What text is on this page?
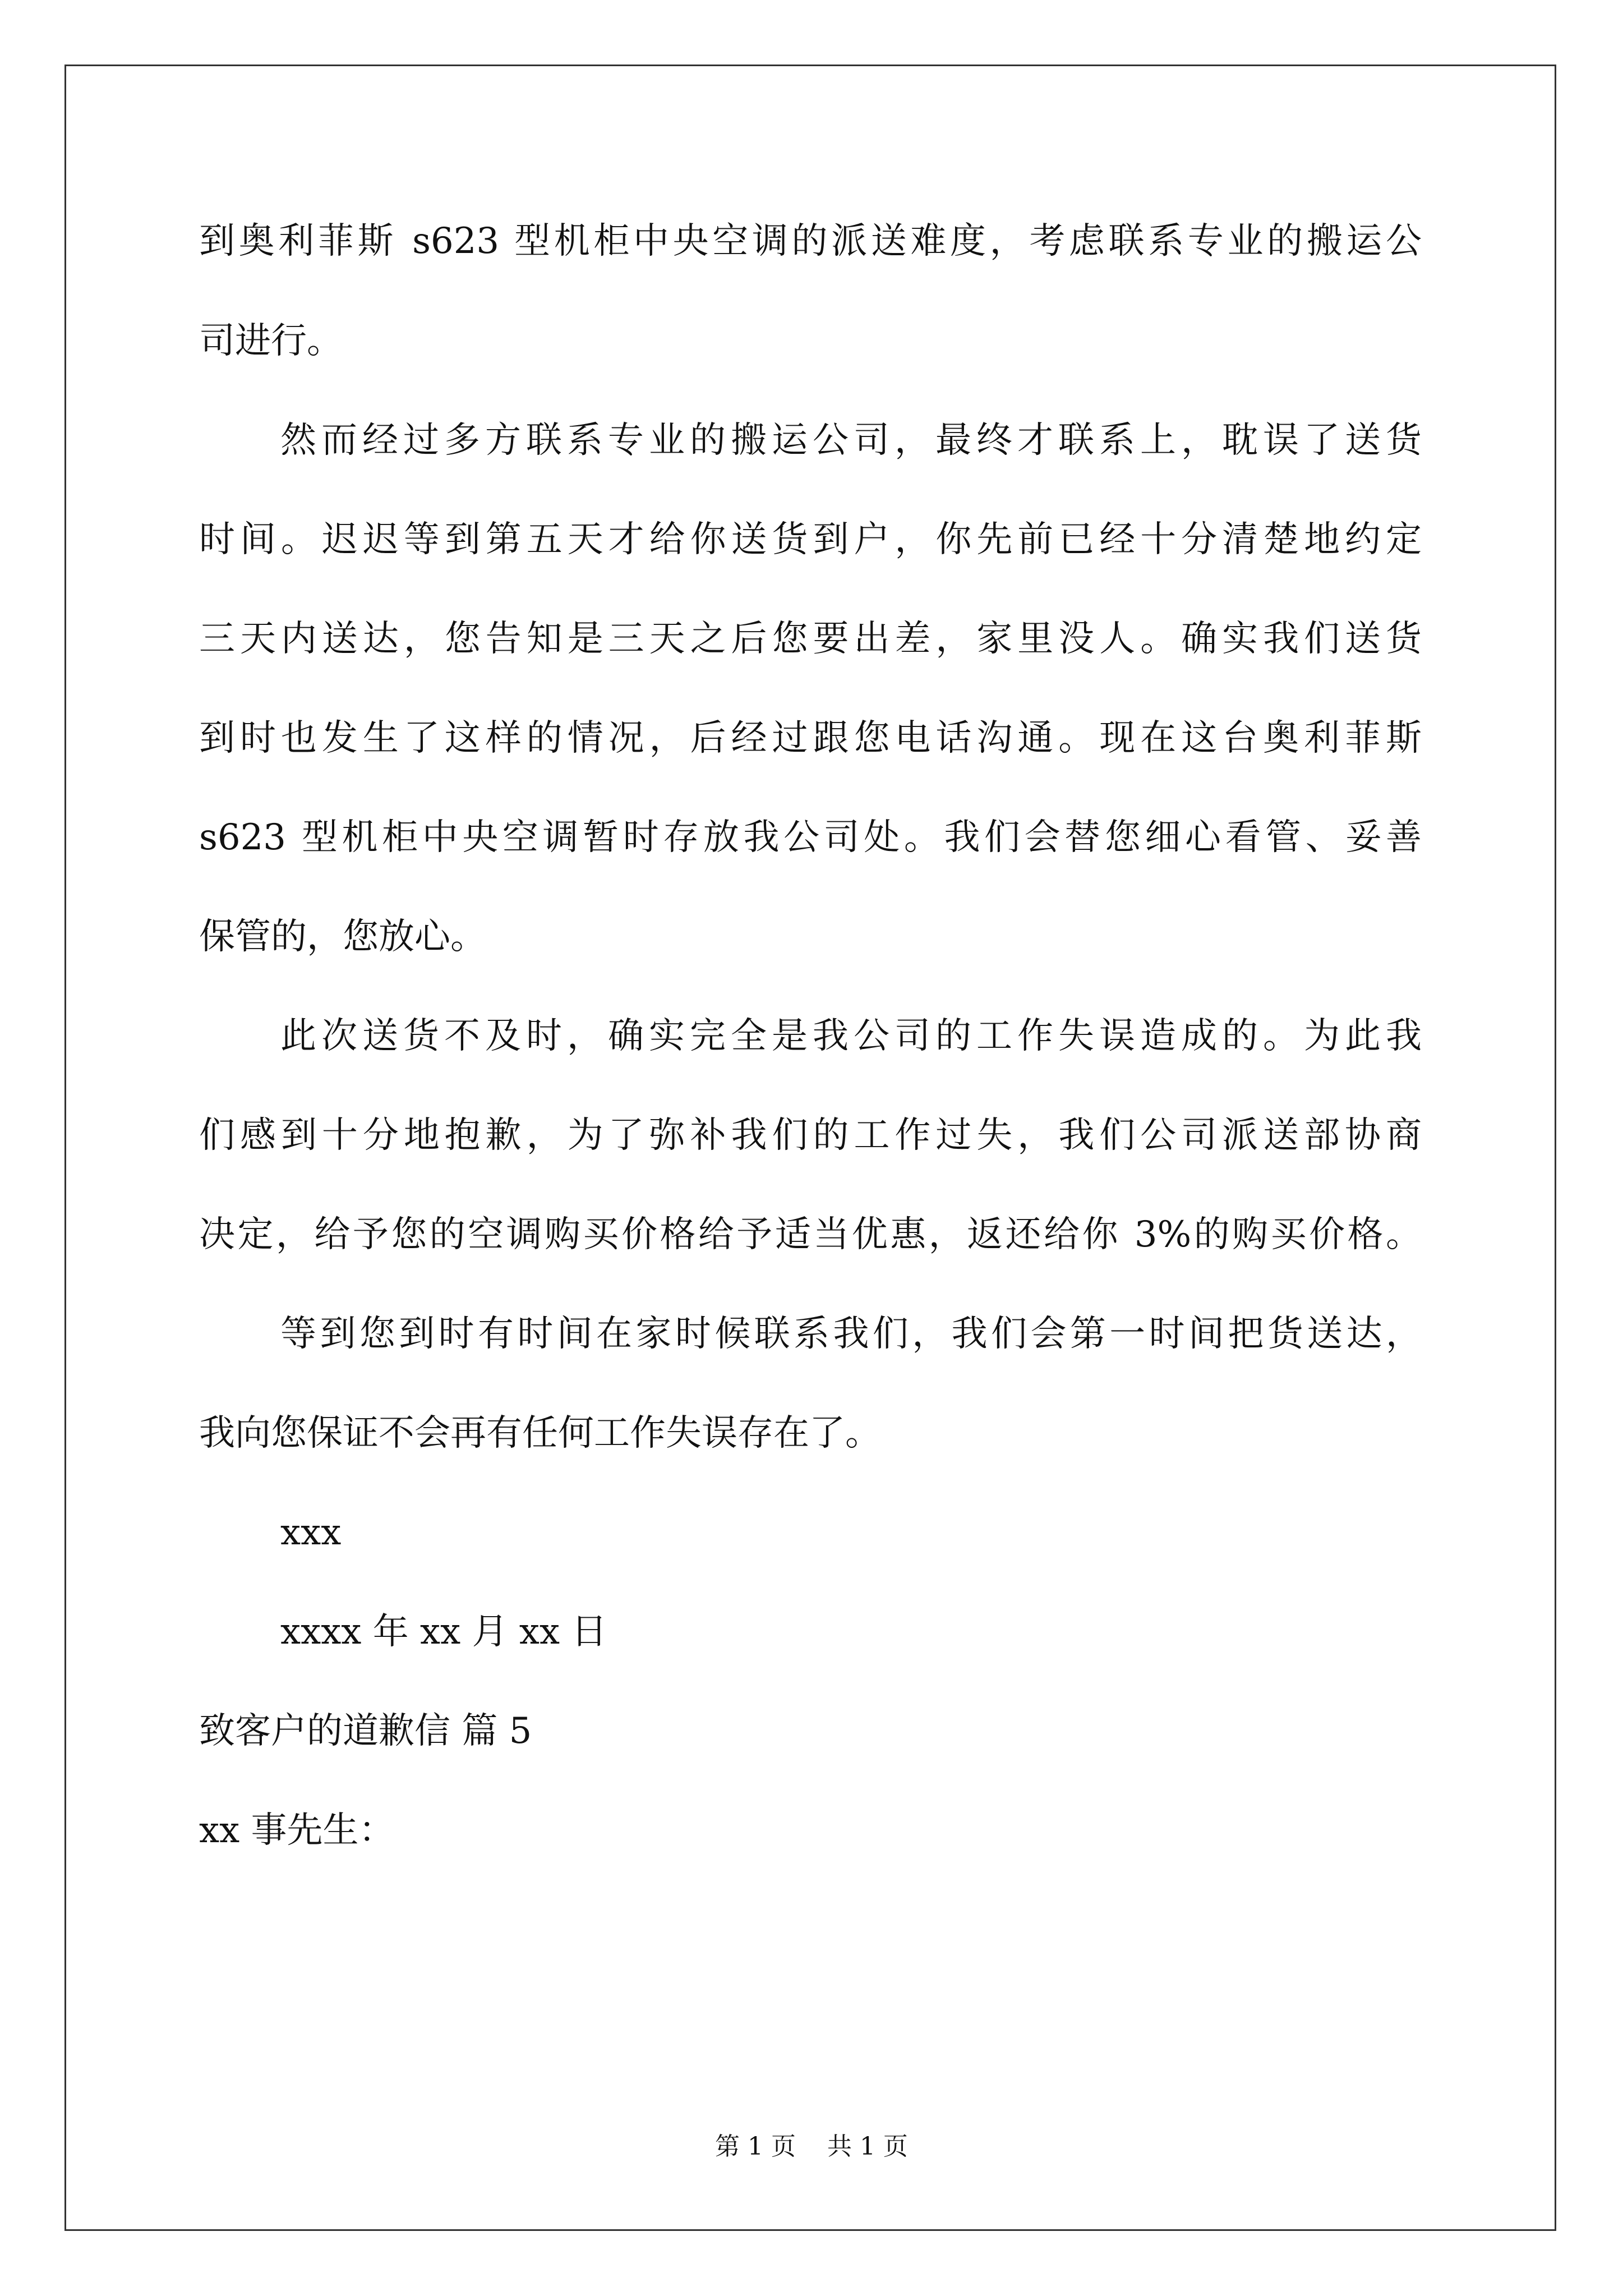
到奥利菲斯 s623 型机柜中央空调的派送难度，考虑联系专业的搬运公
司进行。
然而经过多方联系专业的搬运公司，最终才联系上，耽误了送货
时间。迟迟等到第五天才给你送货到户，你先前已经十分清楚地约定
三天内送达，您告知是三天之后您要出差，家里没人。确实我们送货
到时也发生了这样的情况，后经过跟您电话沟通。现在这台奥利菲斯
s623 型机柜中央空调暂时存放我公司处。我们会替您细心看管、妥善
保管的，您放心。
此次送货不及时，确实完全是我公司的工作失误造成的。为此我
们感到十分地抱歉，为了弥补我们的工作过失，我们公司派送部协商
决定，给予您的空调购买价格给予适当优惠，返还给你 3%的购买价格。
等到您到时有时间在家时候联系我们，我们会第一时间把货送达，
我向您保证不会再有任何工作失误存在了。
xxx
xxxx 年 xx 月 xx 日
致客户的道歉信 篇 5
xx 事先生：
第 1 页    共 1 页
